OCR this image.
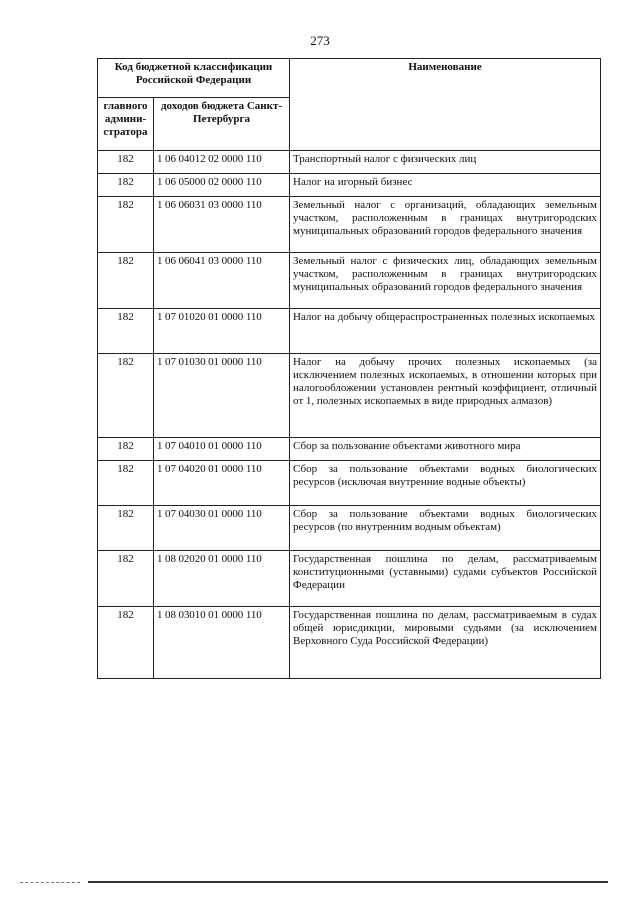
273
Код бюджетной классификации Российской Федерации		Наименование
главного админи-стратора	доходов бюджета Санкт-Петербурга	
182	1 06 04012 02 0000 110	Транспортный налог с физических лиц
182	1 06 05000 02 0000 110	Налог на игорный бизнес
182	1 06 06031 03 0000 110	Земельный налог с организаций, обладающих земельным участком, расположенным в границах внутригородских муниципальных образований городов федерального значения
182	1 06 06041 03 0000 110	Земельный налог с физических лиц, обладающих земельным участком, расположенным в границах внутригородских муниципальных образований городов федерального значения
182	1 07 01020 01 0000 110	Налог на добычу общераспространенных полезных ископаемых
182	1 07 01030 01 0000 110	Налог на добычу прочих полезных ископаемых (за исключением полезных ископаемых, в отношении которых при налогообложении установлен рентный коэффициент, отличный от 1, полезных ископаемых в виде природных алмазов)
182	1 07 04010 01 0000 110	Сбор за пользование объектами животного мира
182	1 07 04020 01 0000 110	Сбор за пользование объектами водных биологических ресурсов (исключая внутренние водные объекты)
182	1 07 04030 01 0000 110	Сбор за пользование объектами водных биологических ресурсов (по внутренним водным объектам)
182	1 08 02020 01 0000 110	Государственная пошлина по делам, рассматриваемым конституционными (уставными) судами субъектов Российской Федерации
182	1 08 03010 01 0000 110	Государственная пошлина по делам, рассматриваемым в судах общей юрисдикции, мировыми судьями (за исключением Верховного Суда Российской Федерации)
